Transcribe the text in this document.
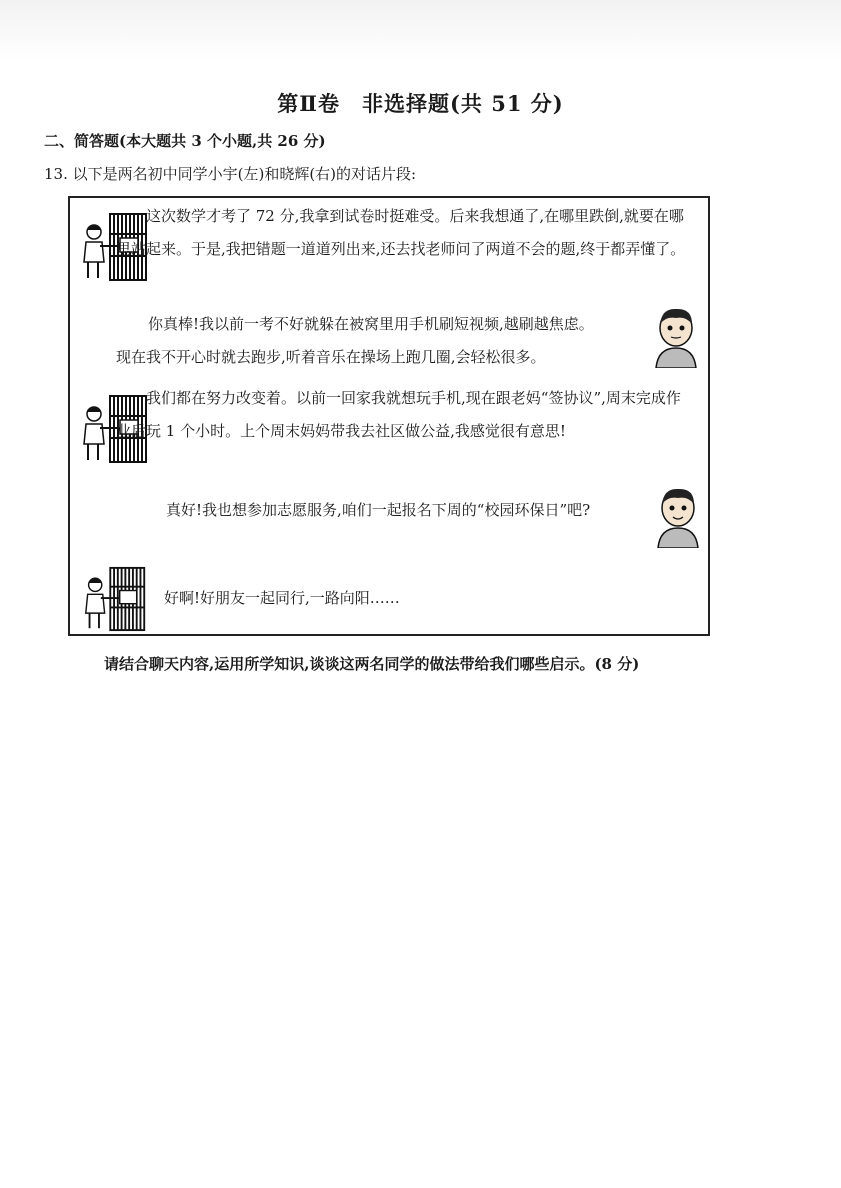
第Ⅱ卷　非选择题(共 51 分)
二、简答题(本大题共 3 个小题,共 26 分)
13. 以下是两名初中同学小宇(左)和晓辉(右)的对话片段:
这次数学才考了 72 分,我拿到试卷时挺难受。后来我想通了,在哪里跌倒,就要在哪里站起来。于是,我把错题一道道列出来,还去找老师问了两道不会的题,终于都弄懂了。
你真棒!我以前一考不好就躲在被窝里用手机刷短视频,越刷越焦虑。
现在我不开心时就去跑步,听着音乐在操场上跑几圈,会轻松很多。
我们都在努力改变着。以前一回家我就想玩手机,现在跟老妈“签协议”,周末完成作业后玩 1 个小时。上个周末妈妈带我去社区做公益,我感觉很有意思!
真好!我也想参加志愿服务,咱们一起报名下周的“校园环保日”吧?
好啊!好朋友一起同行,一路向阳……
请结合聊天内容,运用所学知识,谈谈这两名同学的做法带给我们哪些启示。(8 分)
